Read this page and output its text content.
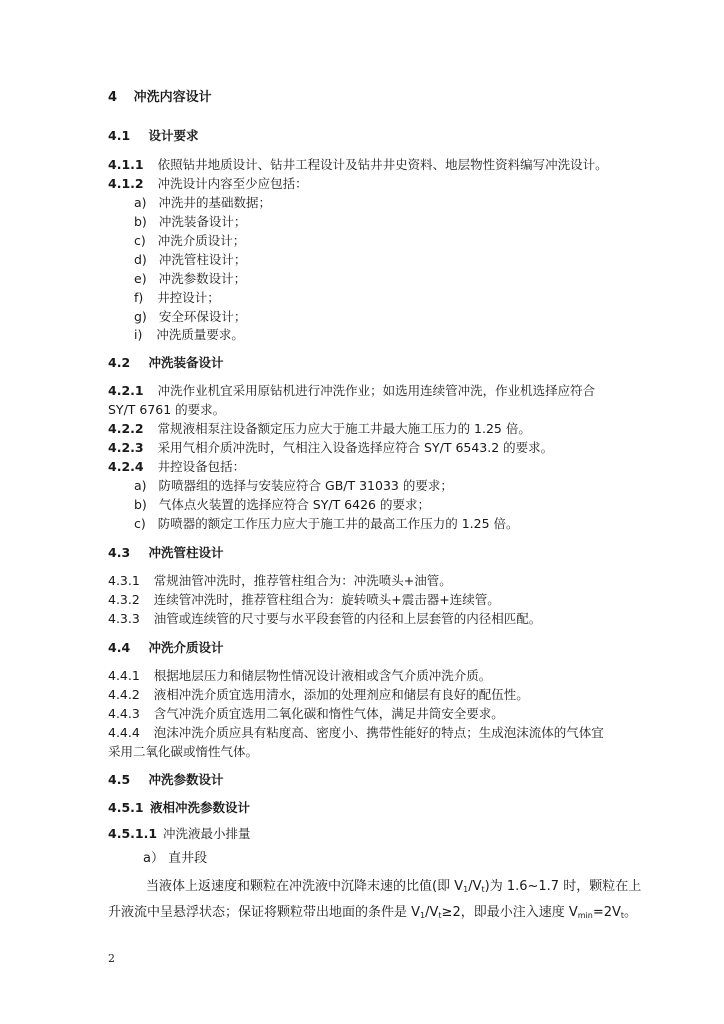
4 冲洗内容设计
4.1 设计要求
4.1.1 依照钻井地质设计、钻井工程设计及钻井井史资料、地层物性资料编写冲洗设计。
4.1.2 冲洗设计内容至少应包括：
a) 冲洗井的基础数据；
b) 冲洗装备设计；
c) 冲洗介质设计；
d) 冲洗管柱设计；
e) 冲洗参数设计；
f) 井控设计；
g) 安全环保设计；
i) 冲洗质量要求。
4.2 冲洗装备设计
4.2.1 冲洗作业机宜采用原钻机进行冲洗作业；如选用连续管冲洗，作业机选择应符合
SY/T 6761 的要求。
4.2.2 常规液相泵注设备额定压力应大于施工井最大施工压力的 1.25 倍。
4.2.3 采用气相介质冲洗时，气相注入设备选择应符合 SY/T 6543.2 的要求。
4.2.4 井控设备包括：
a) 防喷器组的选择与安装应符合 GB/T 31033 的要求；
b) 气体点火装置的选择应符合 SY/T 6426 的要求；
c) 防喷器的额定工作压力应大于施工井的最高工作压力的 1.25 倍。
4.3 冲洗管柱设计
4.3.1 常规油管冲洗时，推荐管柱组合为：冲洗喷头+油管。
4.3.2 连续管冲洗时，推荐管柱组合为：旋转喷头+震击器+连续管。
4.3.3 油管或连续管的尺寸要与水平段套管的内径和上层套管的内径相匹配。
4.4 冲洗介质设计
4.4.1 根据地层压力和储层物性情况设计液相或含气介质冲洗介质。
4.4.2 液相冲洗介质宜选用清水，添加的处理剂应和储层有良好的配伍性。
4.4.3 含气冲洗介质宜选用二氧化碳和惰性气体，满足井筒安全要求。
4.4.4 泡沫冲洗介质应具有粘度高、密度小、携带性能好的特点；生成泡沫流体的气体宜
采用二氧化碳或惰性气体。
4.5 冲洗参数设计
4.5.1 液相冲洗参数设计
4.5.1.1 冲洗液最小排量
a） 直井段
当液体上返速度和颗粒在冲洗液中沉降末速的比值(即 $V_1/V_t$)为 1.6~1.7 时，颗粒在上
升液流中呈悬浮状态；保证将颗粒带出地面的条件是 $V_1/V_t\ge 2$，即最小注入速度 $V_{min}=2V_t$。
2
